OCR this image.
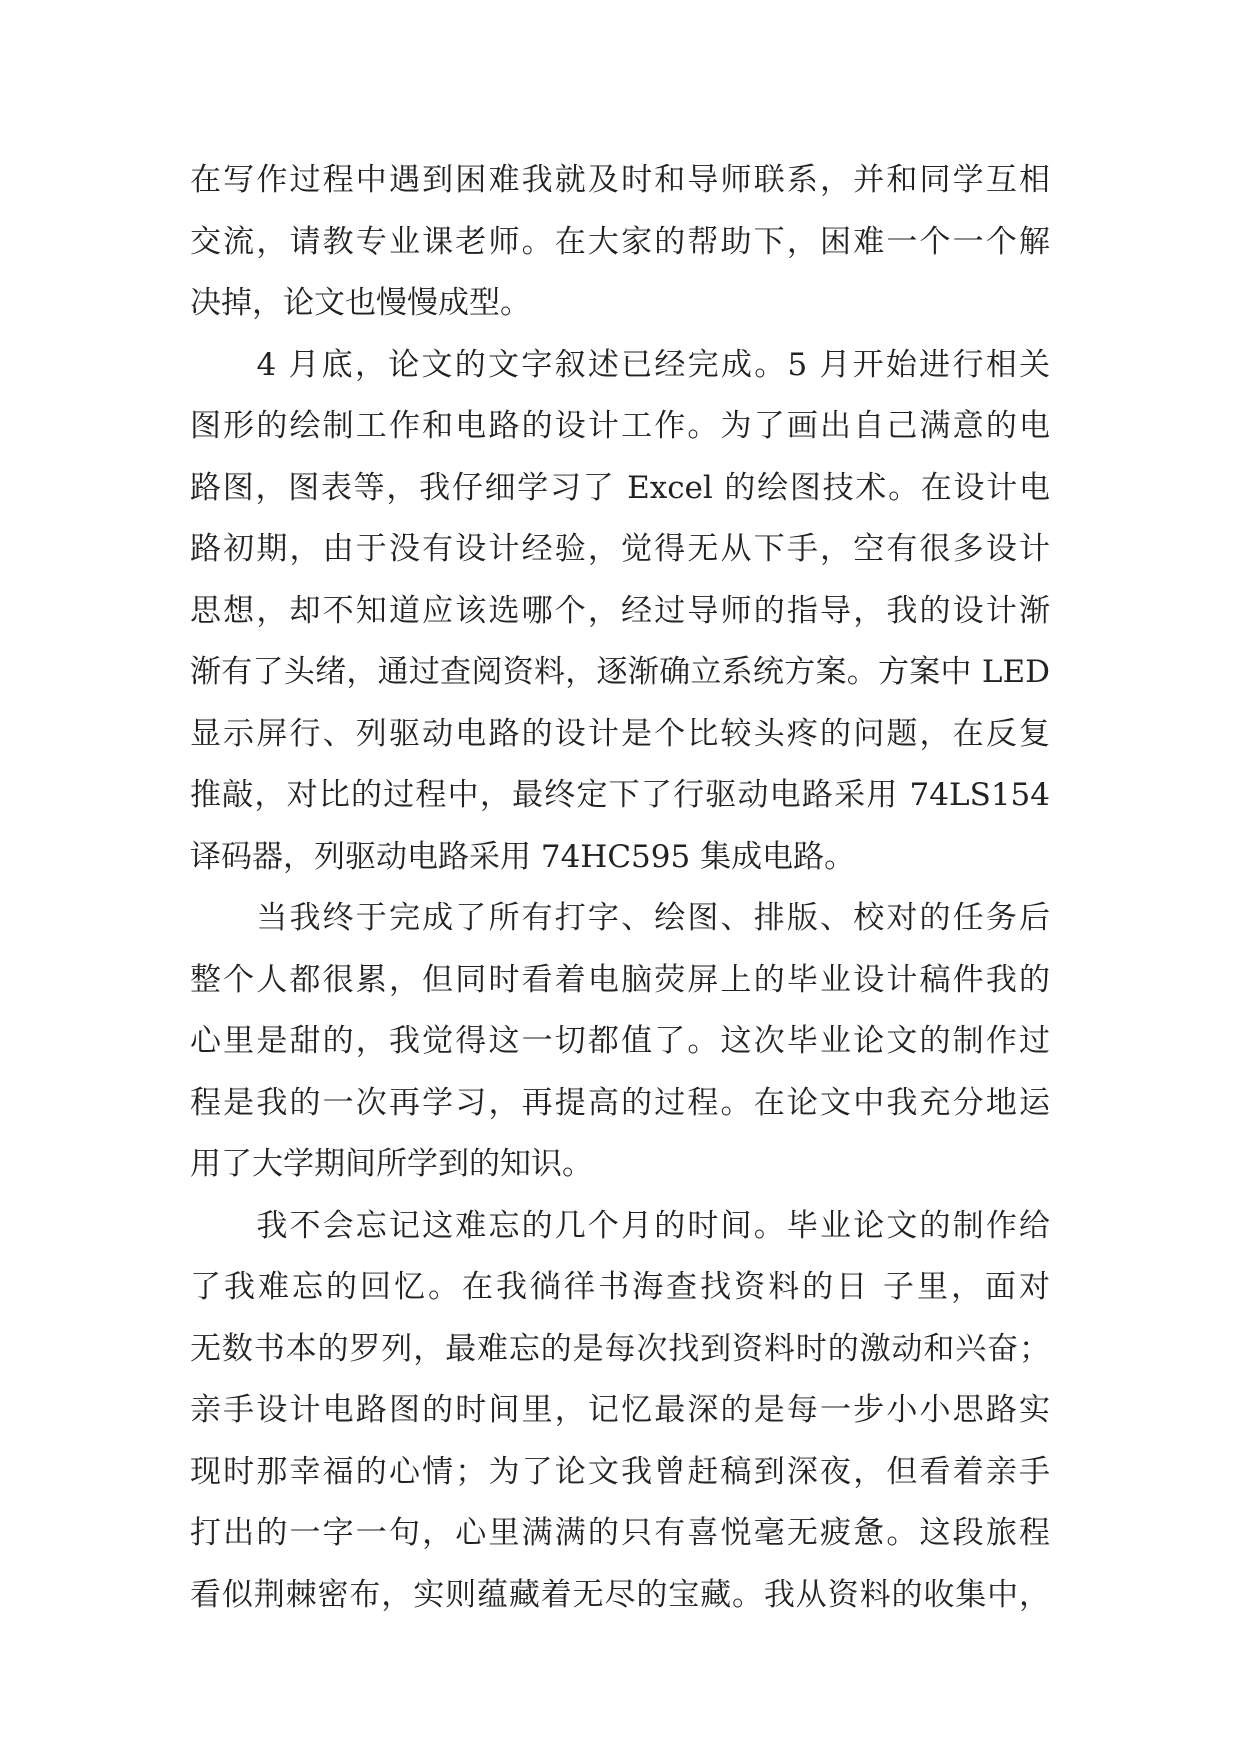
在写作过程中遇到困难我就及时和导师联系，并和同学互相
交流，请教专业课老师。在大家的帮助下，困难一个一个解
决掉，论文也慢慢成型。
　　4 月底，论文的文字叙述已经完成。5 月开始进行相关
图形的绘制工作和电路的设计工作。为了画出自己满意的电
路图，图表等，我仔细学习了 Excel 的绘图技术。在设计电
路初期，由于没有设计经验，觉得无从下手，空有很多设计
思想，却不知道应该选哪个，经过导师的指导，我的设计渐
渐有了头绪，通过查阅资料，逐渐确立系统方案。方案中 LED
显示屏行、列驱动电路的设计是个比较头疼的问题，在反复
推敲，对比的过程中，最终定下了行驱动电路采用 74LS154
译码器，列驱动电路采用 74HC595 集成电路。
　　当我终于完成了所有打字、绘图、排版、校对的任务后
整个人都很累，但同时看着电脑荧屏上的毕业设计稿件我的
心里是甜的，我觉得这一切都值了。这次毕业论文的制作过
程是我的一次再学习，再提高的过程。在论文中我充分地运
用了大学期间所学到的知识。
　　我不会忘记这难忘的几个月的时间。毕业论文的制作给
了我难忘的回忆。在我徜徉书海查找资料的日 子里，面对
无数书本的罗列，最难忘的是每次找到资料时的激动和兴奋；
亲手设计电路图的时间里，记忆最深的是每一步小小思路实
现时那幸福的心情；为了论文我曾赶稿到深夜，但看着亲手
打出的一字一句，心里满满的只有喜悦毫无疲惫。这段旅程
看似荆棘密布，实则蕴藏着无尽的宝藏。我从资料的收集中，
